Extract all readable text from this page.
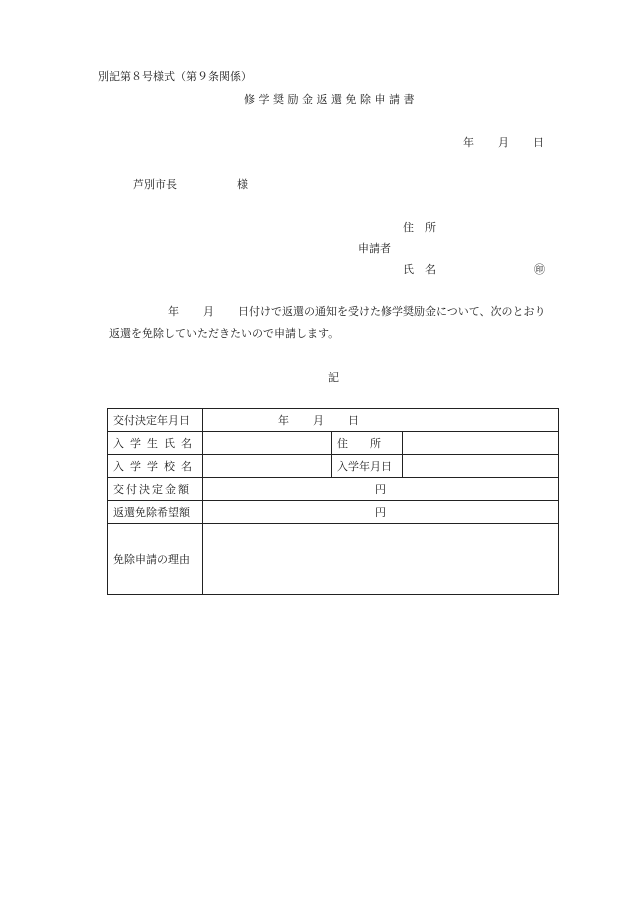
別記第８号様式（第９条関係）
修学奨励金返還免除申請書
年 月 日
芦別市長	様
住　所
申請者
氏　名	㊞
年 月 日付けで返還の通知を受けた修学奨励金について、次のとおり
返還を免除していただきたいので申請します。
記
交付決定年月日	年 月 日		
入学生氏名		住　　所	
入学学校名		入学年月日	
交付決定金額	円		
返還免除希望額	円		
免除申請の理由			
